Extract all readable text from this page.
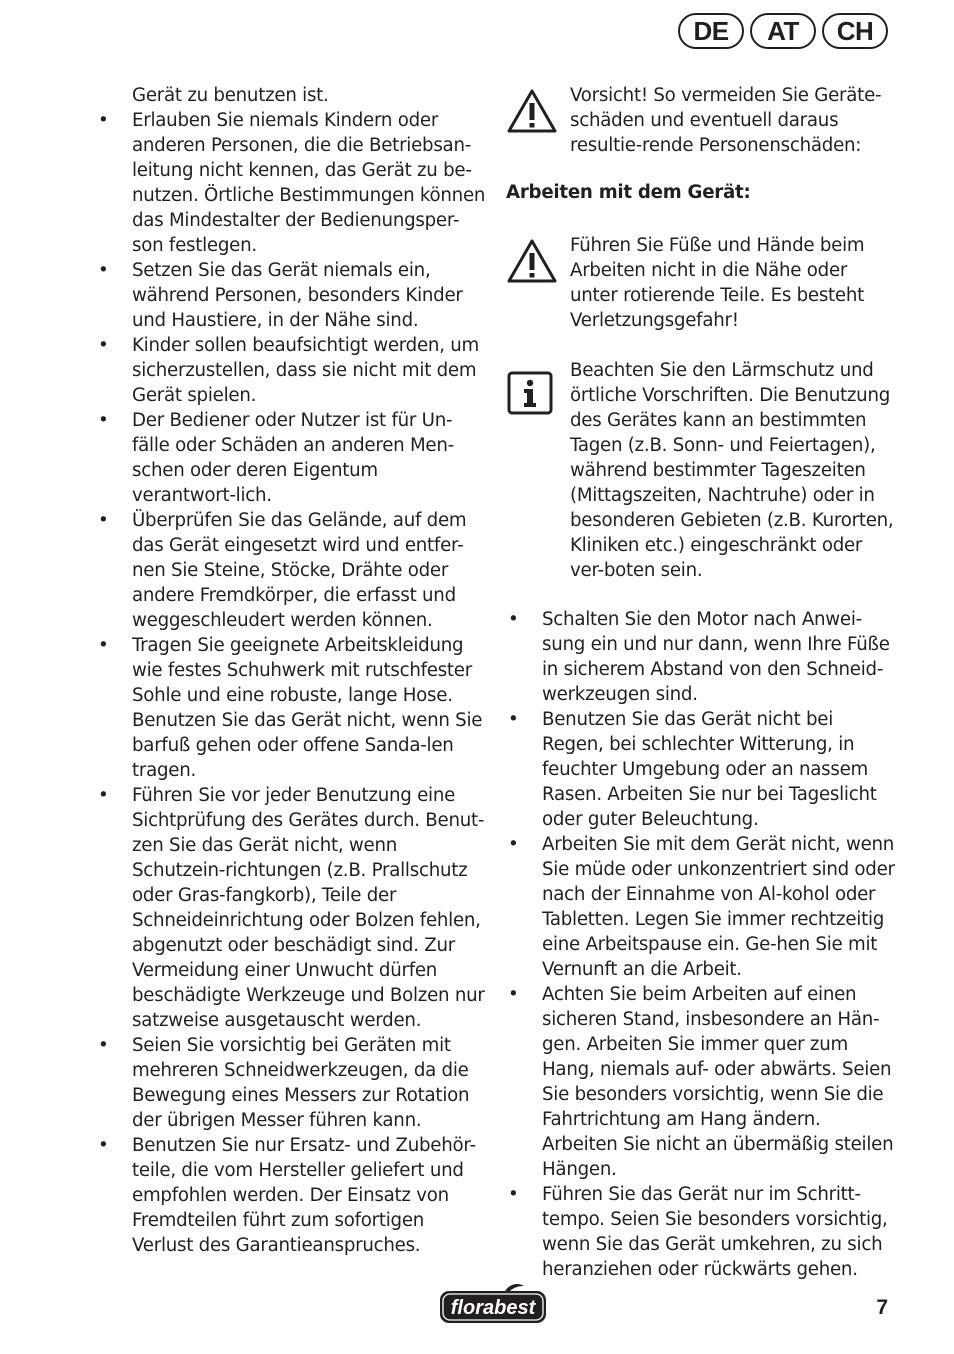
DE	AT	CH

Gerät zu benutzen ist.

• Erlauben Sie niemals Kindern oder anderen Personen, die die Betriebsan-leitung nicht kennen, das Gerät zu be-nutzen. Örtliche Bestimmungen können das Mindestalter der Bedienungsper-son festlegen.
• Setzen Sie das Gerät niemals ein, während Personen, besonders Kinder und Haustiere, in der Nähe sind.
• Kinder sollen beaufsichtigt werden, um sicherzustellen, dass sie nicht mit dem Gerät spielen.
• Der Bediener oder Nutzer ist für Un-fälle oder Schäden an anderen Men-schen oder deren Eigentum verantwort-lich.
• Überprüfen Sie das Gelände, auf dem das Gerät eingesetzt wird und entfer-nen Sie Steine, Stöcke, Drähte oder andere Fremdkörper, die erfasst und weggeschleudert werden können.
• Tragen Sie geeignete Arbeitskleidung wie festes Schuhwerk mit rutschfester Sohle und eine robuste, lange Hose. Benutzen Sie das Gerät nicht, wenn Sie barfuß gehen oder offene Sanda-len tragen.
• Führen Sie vor jeder Benutzung eine Sichtprüfung des Gerätes durch. Benut-zen Sie das Gerät nicht, wenn Schutzein-richtungen (z.B. Prallschutz oder Gras-fangkorb), Teile der Schneideinrichtung oder Bolzen fehlen, abgenutzt oder beschädigt sind. Zur Vermeidung einer Unwucht dürfen beschädigte Werkzeuge und Bolzen nur satzweise ausgetauscht werden.
• Seien Sie vorsichtig bei Geräten mit mehreren Schneidwerkzeugen, da die Bewegung eines Messers zur Rotation der übrigen Messer führen kann.
• Benutzen Sie nur Ersatz- und Zubehör-teile, die vom Hersteller geliefert und empfohlen werden. Der Einsatz von Fremdteilen führt zum sofortigen Verlust des Garantieanspruches.

Vorsicht! So vermeiden Sie Geräte-schäden und eventuell daraus resultie-rende Personenschäden:

Arbeiten mit dem Gerät:

Führen Sie Füße und Hände beim Arbeiten nicht in die Nähe oder unter rotierende Teile. Es besteht Verletzungsgefahr!

Beachten Sie den Lärmschutz und örtliche Vorschriften. Die Benutzung des Gerätes kann an bestimmten Tagen (z.B. Sonn- und Feiertagen), während bestimmter Tageszeiten (Mittagszeiten, Nachtruhe) oder in besonderen Gebieten (z.B. Kurorten, Kliniken etc.) eingeschränkt oder ver-boten sein.

• Schalten Sie den Motor nach Anwei-sung ein und nur dann, wenn Ihre Füße in sicherem Abstand von den Schneid-werkzeugen sind.
• Benutzen Sie das Gerät nicht bei Regen, bei schlechter Witterung, in feuchter Umgebung oder an nassem Rasen. Arbeiten Sie nur bei Tageslicht oder guter Beleuchtung.
• Arbeiten Sie mit dem Gerät nicht, wenn Sie müde oder unkonzentriert sind oder nach der Einnahme von Al-kohol oder Tabletten. Legen Sie immer rechtzeitig eine Arbeitspause ein. Ge-hen Sie mit Vernunft an die Arbeit.
• Achten Sie beim Arbeiten auf einen sicheren Stand, insbesondere an Hän-gen. Arbeiten Sie immer quer zum Hang, niemals auf- oder abwärts. Seien Sie besonders vorsichtig, wenn Sie die Fahrtrichtung am Hang ändern. Arbeiten Sie nicht an übermäßig steilen Hängen.
• Führen Sie das Gerät nur im Schritt-tempo. Seien Sie besonders vorsichtig, wenn Sie das Gerät umkehren, zu sich heranziehen oder rückwärts gehen.
florabest	7
